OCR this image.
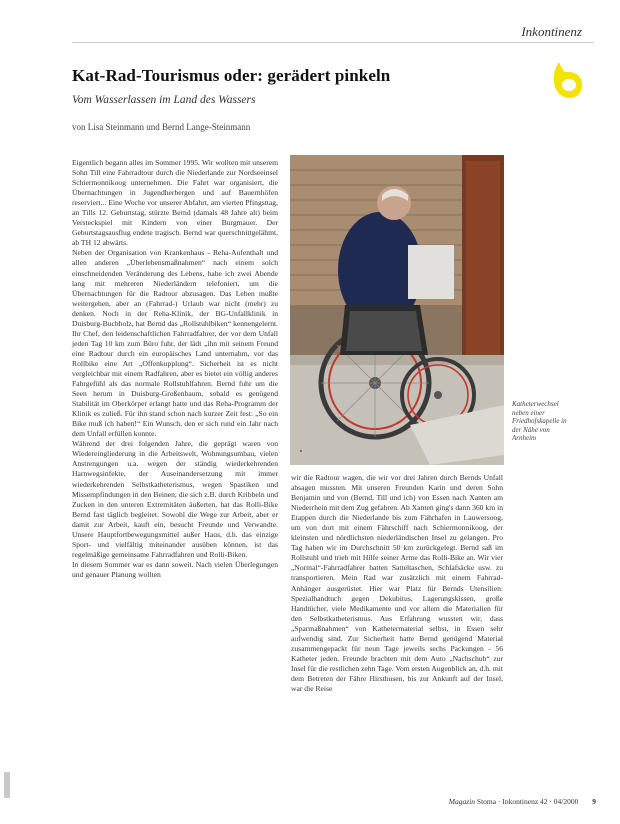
Inkontinenz
Kat-Rad-Tourismus oder: gerädert pinkeln
Vom Wasserlassen im Land des Wassers
von Lisa Steinmann und Bernd Lange-Steinmann

Eigentlich begann alles im Sommer 1995. Wir wollten mit unserem Sohn Till eine Fahrradtour durch die Niederlande zur Nordseeinsel Schiermonnikoog unternehmen. Die Fahrt war organisiert, die Übernachtungen in Jugendherbergen und auf Bauernhöfen reserviert... Eine Woche vor unserer Abfahrt, am vierten Pfingsttag, an Tills 12. Geburtstag, stürzte Bernd (damals 48 Jahre alt) beim Versteckspiel mit Kindern von einer Burgmauer. Der Geburtstagsausflug endete tragisch. Bernd war querschnittgelähmt, ab TH 12 abwärts.

Neben der Organisation von Krankenhaus - Reha-Aufenthalt und allen anderen „Überlebensmaßnahmen“ nach einem solch einschneidenden Veränderung des Lebens, habe ich zwei Abende lang mit mehreren Niederländern telefoniert, um die Übernachtungen für die Radtour abzusagen. Das Leben mußte weitergehen, aber an (Fahrrad-) Urlaub war nicht (mehr) zu denken. Noch in der Reha-Klinik, der BG-Unfallklinik in Duisburg-Buchholz, hat Bernd das „Rollstuhlbiken“ kennengelernt. Ihr Chef, den leidenschaftlichen Fahrradfahrer, der vor dem Unfall jeden Tag 10 km zum Büro fuhr, der lädt „ihn mit seinem Freund eine Radtour durch ein europäisches Land unternahm, vor das Rollbike eine Art „Offenkupplung“. Sicherheit ist es nicht vergleichbar mit einem Radfahren, aber es bietet ein völlig anderes Fahrgefühl als das normale Rollstuhlfahren. Bernd fuhr um die Seen herum in Duisburg-Großenbaum, sobald es genügend Stabilität im Oberkörper erlangt hatte und das Reha-Programm der Klinik es zuließ. Für ihn stand schon nach kurzer Zeit fest: „So ein Bike muß ich haben!“ Ein Wunsch, den er sich rund ein Jahr nach dem Unfall erfüllen konnte.

Während der drei folgenden Jahre, die geprägt waren von Wiedereingliederung in die Arbeitswelt, Wohnungsumbau, vielen Anstrengungen u.a. wegen der ständig wiederkehrenden Harnwegsinfekte, der Auseinandersetzung mit immer wiederkehrenden Selbstkatheterismus, wegen Spastiken und Missempfindungen in den Beinen, die sich z.B. durch Kribbeln und Zucken in den unteren Extremitäten äußerten, hat das Rolli-Bike Bernd fast täglich begleitet. Sowohl die Wege zur Arbeit, aber er damit zur Arbeit, kauft ein, besucht Freunde und Verwandte. Unsere Hauptfortbewegungsmittel außer Haus, d.h. das einzige Sport- und vielfältig miteinander ausüben können, ist das regelmäßige gemeinsame Fahrradfahren und Rolli-Biken.

In diesem Sommer war es dann soweit. Nach vielen Überlegungen und genauer Planung wollten

Katheterwechsel neben einer Friedhofskapelle in der Nähe von Arnheim

wir die Radtour wagen, die wir vor drei Jahren durch Bernds Unfall absagen mussten. Mit unseren Freunden Karin und deren Sohn Benjamin und von (Bernd, Till und ich) von Essen nach Xanten am Niederrhein mit dem Zug gefahren. Ab Xanten ging's dann 360 km in Etappen durch die Niederlande bis zum Fährhafen in Lauwersoog, um von dort mit einem Fährschiff nach Schiermonnikoog, der kleinsten und nördlichsten niederländischen Insel zu gelangen. Pro Tag haben wir im Durchschnitt 50 km zurückgelegt. Bernd saß im Rollstuhl und trieb mit Hilfe seiner Arme das Rolli-Bike an. Wir vier „Normal“-Fahrradfahrer hatten Satteltaschen, Schlafsäcke usw. zu transportieren. Mein Rad war zusätzlich mit einem Fahrrad-Anhänger ausgerüstet. Hier war Platz für Bernds Utensilien: Spezialhandtuch gegen Dekubitus, Lagerungskissen, große Handtücher, viele Medikamente und vor allem die Materialien für den Selbstkatheterismus. Aus Erfahrung wussten wir, dass „Sparmaßnahmen“ von Kathetermaterial selbst, in Essen sehr aufwendig sind. Zur Sicherheit hatte Bernd genügend Material zusammengepackt für neun Tage jeweils sechs Packungen - 56 Katheter jeden. Freunde brachten mit dem Auto „Nachschub“ zur Insel für die restlichen zehn Tage. Vom ersten Augenblick an, d.h. mit dem Betreten der Fähre Hirsthusen, bis zur Ankunft auf der Insel, war die Reise

Magazin Stoma · Inkontinenz 42 · 04/2000 9
